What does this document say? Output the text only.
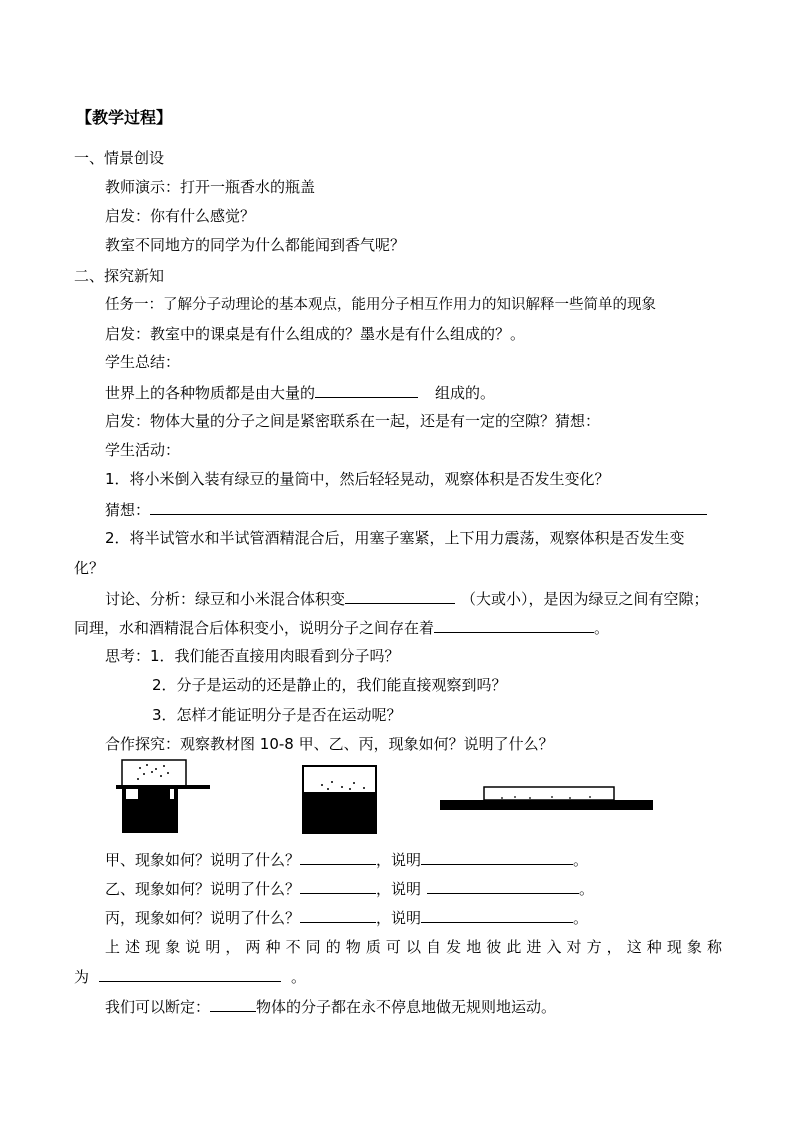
【教学过程】
一、情景创设
教师演示：打开一瓶香水的瓶盖
启发：你有什么感觉？
教室不同地方的同学为什么都能闻到香气呢？
二、探究新知
任务一：了解分子动理论的基本观点，能用分子相互作用力的知识解释一些简单的现象
启发：教室中的课桌是有什么组成的？墨水是有什么组成的？。
学生总结：
世界上的各种物质都是由大量的	组成的。
启发：物体大量的分子之间是紧密联系在一起，还是有一定的空隙？猜想：
学生活动：
1．将小米倒入装有绿豆的量筒中，然后轻轻晃动，观察体积是否发生变化？
猜想：
2．将半试管水和半试管酒精混合后，用塞子塞紧，上下用力震荡，观察体积是否发生变
化？
讨论、分析：绿豆和小米混合体积变	（大或小），是因为绿豆之间有空隙；
同理，水和酒精混合后体积变小，说明分子之间存在着	。
思考：1．我们能否直接用肉眼看到分子吗？
2．分子是运动的还是静止的，我们能直接观察到吗？
3．怎样才能证明分子是否在运动呢？
合作探究：观察教材图 10-8 甲、乙、丙，现象如何？说明了什么？
甲、现象如何？说明了什么？	，说明	。
乙、现象如何？说明了什么？	，说明	。
丙，现象如何？说明了什么？	，说明	。
上述现象说明，两种不同的物质可以自发地彼此进入对方，这种现象称
为	。
我们可以断定：	物体的分子都在永不停息地做无规则地运动。
